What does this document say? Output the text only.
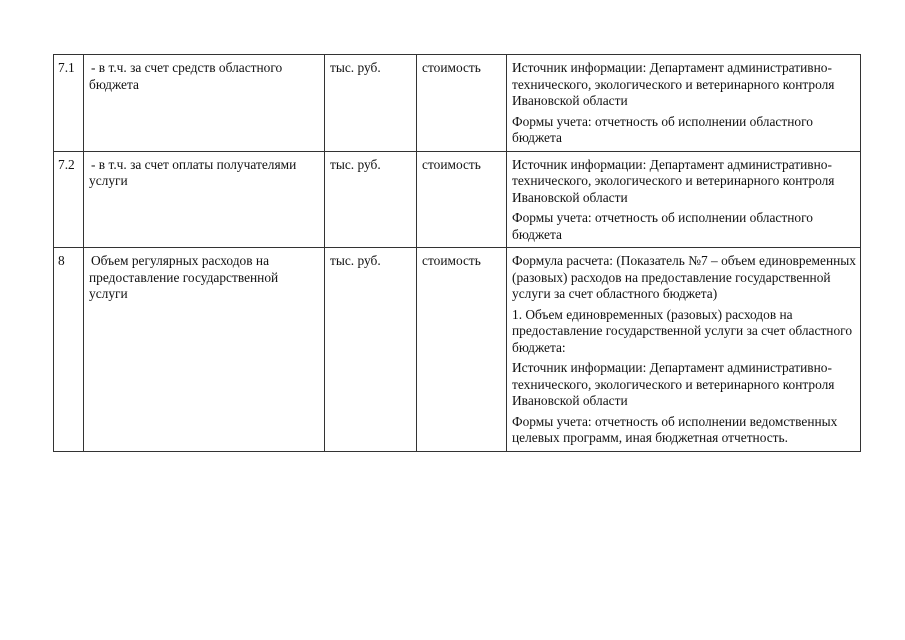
7.1	- в т.ч. за счет средств областного бюджета	тыс. руб.	стоимость	Источник информации: Департамент административно-технического, экологического и ветеринарного контроля Ивановской области

Формы учета: отчетность об исполнении областного бюджета

7.2	- в т.ч. за счет оплаты получателями услуги	тыс. руб.	стоимость	Источник информации: Департамент административно-технического, экологического и ветеринарного контроля Ивановской области

Формы учета: отчетность об исполнении областного бюджета

8	Объем регулярных расходов на предоставление государственной услуги	тыс. руб.	стоимость	Формула расчета: (Показатель №7 – объем единовременных (разовых) расходов на предоставление государственной услуги за счет областного бюджета)

1. Объем единовременных (разовых) расходов на предоставление государственной услуги за счет областного бюджета:

Источник информации: Департамент административно-технического, экологического и ветеринарного контроля Ивановской области

Формы учета: отчетность об исполнении ведомственных целевых программ, иная бюджетная отчетность.
